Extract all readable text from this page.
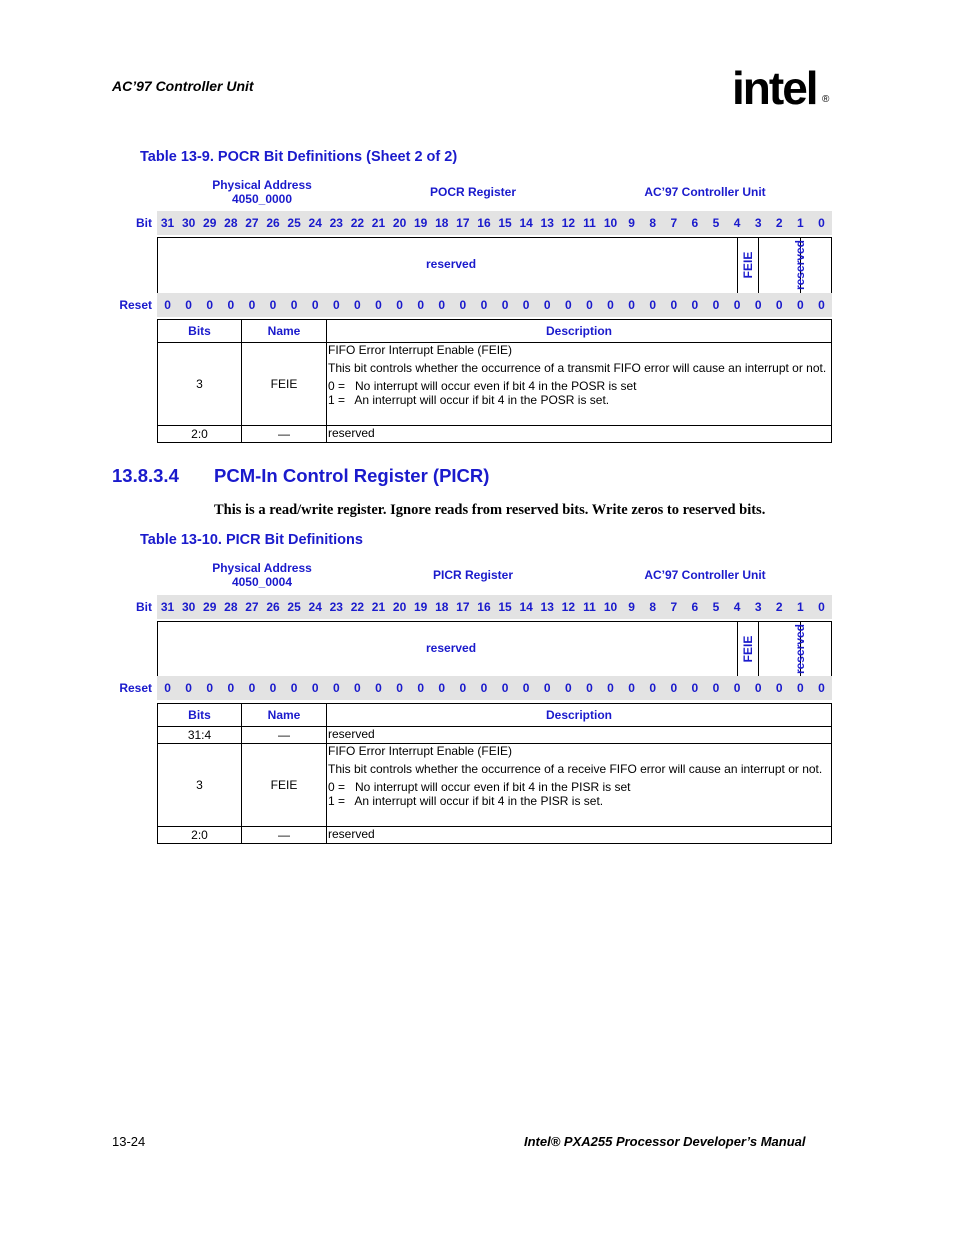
AC’97 Controller Unit	intel ®
Table 13-9. POCR Bit Definitions (Sheet 2 of 2)
Physical Address
4050_0000	POCR Register	AC’97 Controller Unit
Bit 31 30 29 28 27 26 25 24 23 22 21 20 19 18 17 16 15 14 13 12 11 10 9	8	7	6	5	4	3	2	1	0
reserved	FEIE	reserved
Reset	0	0	0	0	0	0	0	0	0	0	0	0	0	0	0	0	0	0	0	0	0	0	0	0	0	0	0	0	0	0	0	0
Bits	Name	Description
3	FEIE	FIFO Error Interrupt Enable (FEIE)

This bit controls whether the occurrence of a transmit FIFO error will cause an interrupt or not.

0 =   No interrupt will occur even if bit 4 in the POSR is set
1 =   An interrupt will occur if bit 4 in the POSR is set.

2:0	—	reserved
13.8.3.4 PCM-In Control Register (PICR)
This is a read/write register. Ignore reads from reserved bits. Write zeros to reserved bits.
Table 13-10. PICR Bit Definitions
Physical Address
4050_0004	PICR Register	AC’97 Controller Unit
Bit 31 30 29 28 27 26 25 24 23 22 21 20 19 18 17 16 15 14 13 12 11 10 9	8	7	6	5	4	3	2	1	0
reserved	FEIE	reserved
Reset	0	0	0	0	0	0	0	0	0	0	0	0	0	0	0	0	0	0	0	0	0	0	0	0	0	0	0	0	0	0	0	0
Bits	Name	Description
31:4	—	reserved
3	FEIE	FIFO Error Interrupt Enable (FEIE)

This bit controls whether the occurrence of a receive FIFO error will cause an interrupt or not.

0 =   No interrupt will occur even if bit 4 in the PISR is set
1 =   An interrupt will occur if bit 4 in the PISR is set.

2:0	—	reserved
13-24	Intel® PXA255 Processor Developer’s Manual
